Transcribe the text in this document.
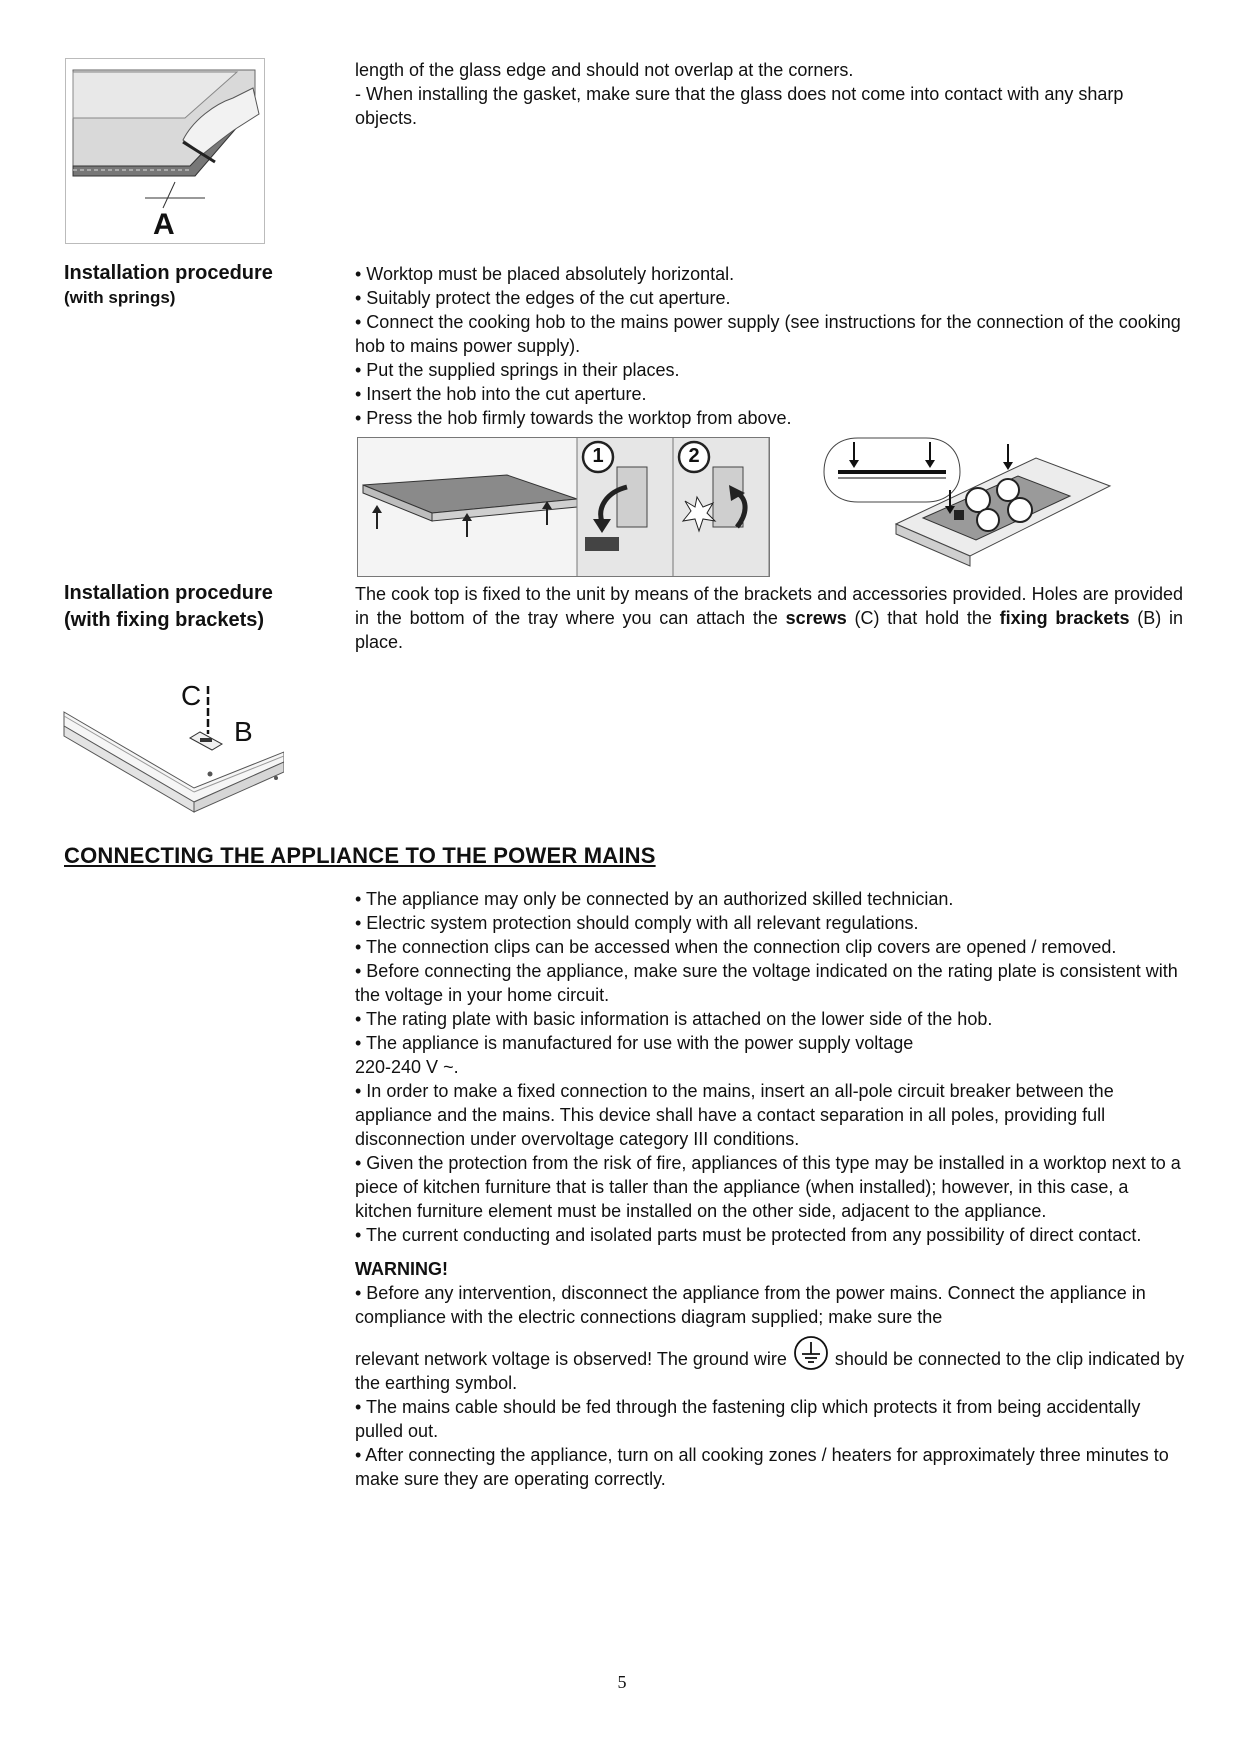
A

length of the glass edge and should not overlap at the corners.

- When installing the gasket, make sure that the glass does not come into contact with any sharp objects.

Installation procedure
(with springs)

• Worktop must be placed absolutely horizontal.

• Suitably protect the edges of the cut aperture.

• Connect the cooking hob to the mains power supply (see instructions for the connection of the cooking hob to mains power supply).

• Put the supplied springs in their places.

• Insert the hob into the cut aperture.

• Press the hob firmly towards the worktop from above.

1	2
Installation procedure
(with fixing brackets)
The cook top is fixed to the unit by means of the brackets and accessories provided. Holes are provided in the bottom of the tray where you can attach the screws (C) that hold the fixing brackets (B) in place.
C
B
CONNECTING THE APPLIANCE TO THE POWER MAINS

• The appliance may only be connected by an authorized skilled technician.

• Electric system protection should comply with all relevant regulations.

• The connection clips can be accessed when the connection clip covers are opened / removed.

• Before connecting the appliance, make sure the voltage indicated on the rating plate is consistent with the voltage in your home circuit.

• The rating plate with basic information is attached on the lower side of the hob.

• The appliance is manufactured for use with the power supply voltage

220-240 V ~.

• In order to make a fixed connection to the mains, insert an all-pole circuit breaker between the appliance and the mains. This device shall have a contact separation in all poles, providing full disconnection under overvoltage category III conditions.

• Given the protection from the risk of fire, appliances of this type may be installed in a worktop next to a piece of kitchen furniture that is taller than the appliance (when installed); however, in this case, a kitchen furniture element must be installed on the other side, adjacent to the appliance.

• The current conducting and isolated parts must be protected from any possibility of direct contact.

WARNING!

• Before any intervention, disconnect the appliance from the power mains. Connect the appliance in compliance with the electric connections diagram supplied; make sure the

relevant network voltage is observed! The ground wire	should be connected to the clip indicated by the earthing symbol.

• The mains cable should be fed through the fastening clip which protects it from being accidentally pulled out.

• After connecting the appliance, turn on all cooking zones / heaters for approximately three minutes to make sure they are operating correctly.

5
